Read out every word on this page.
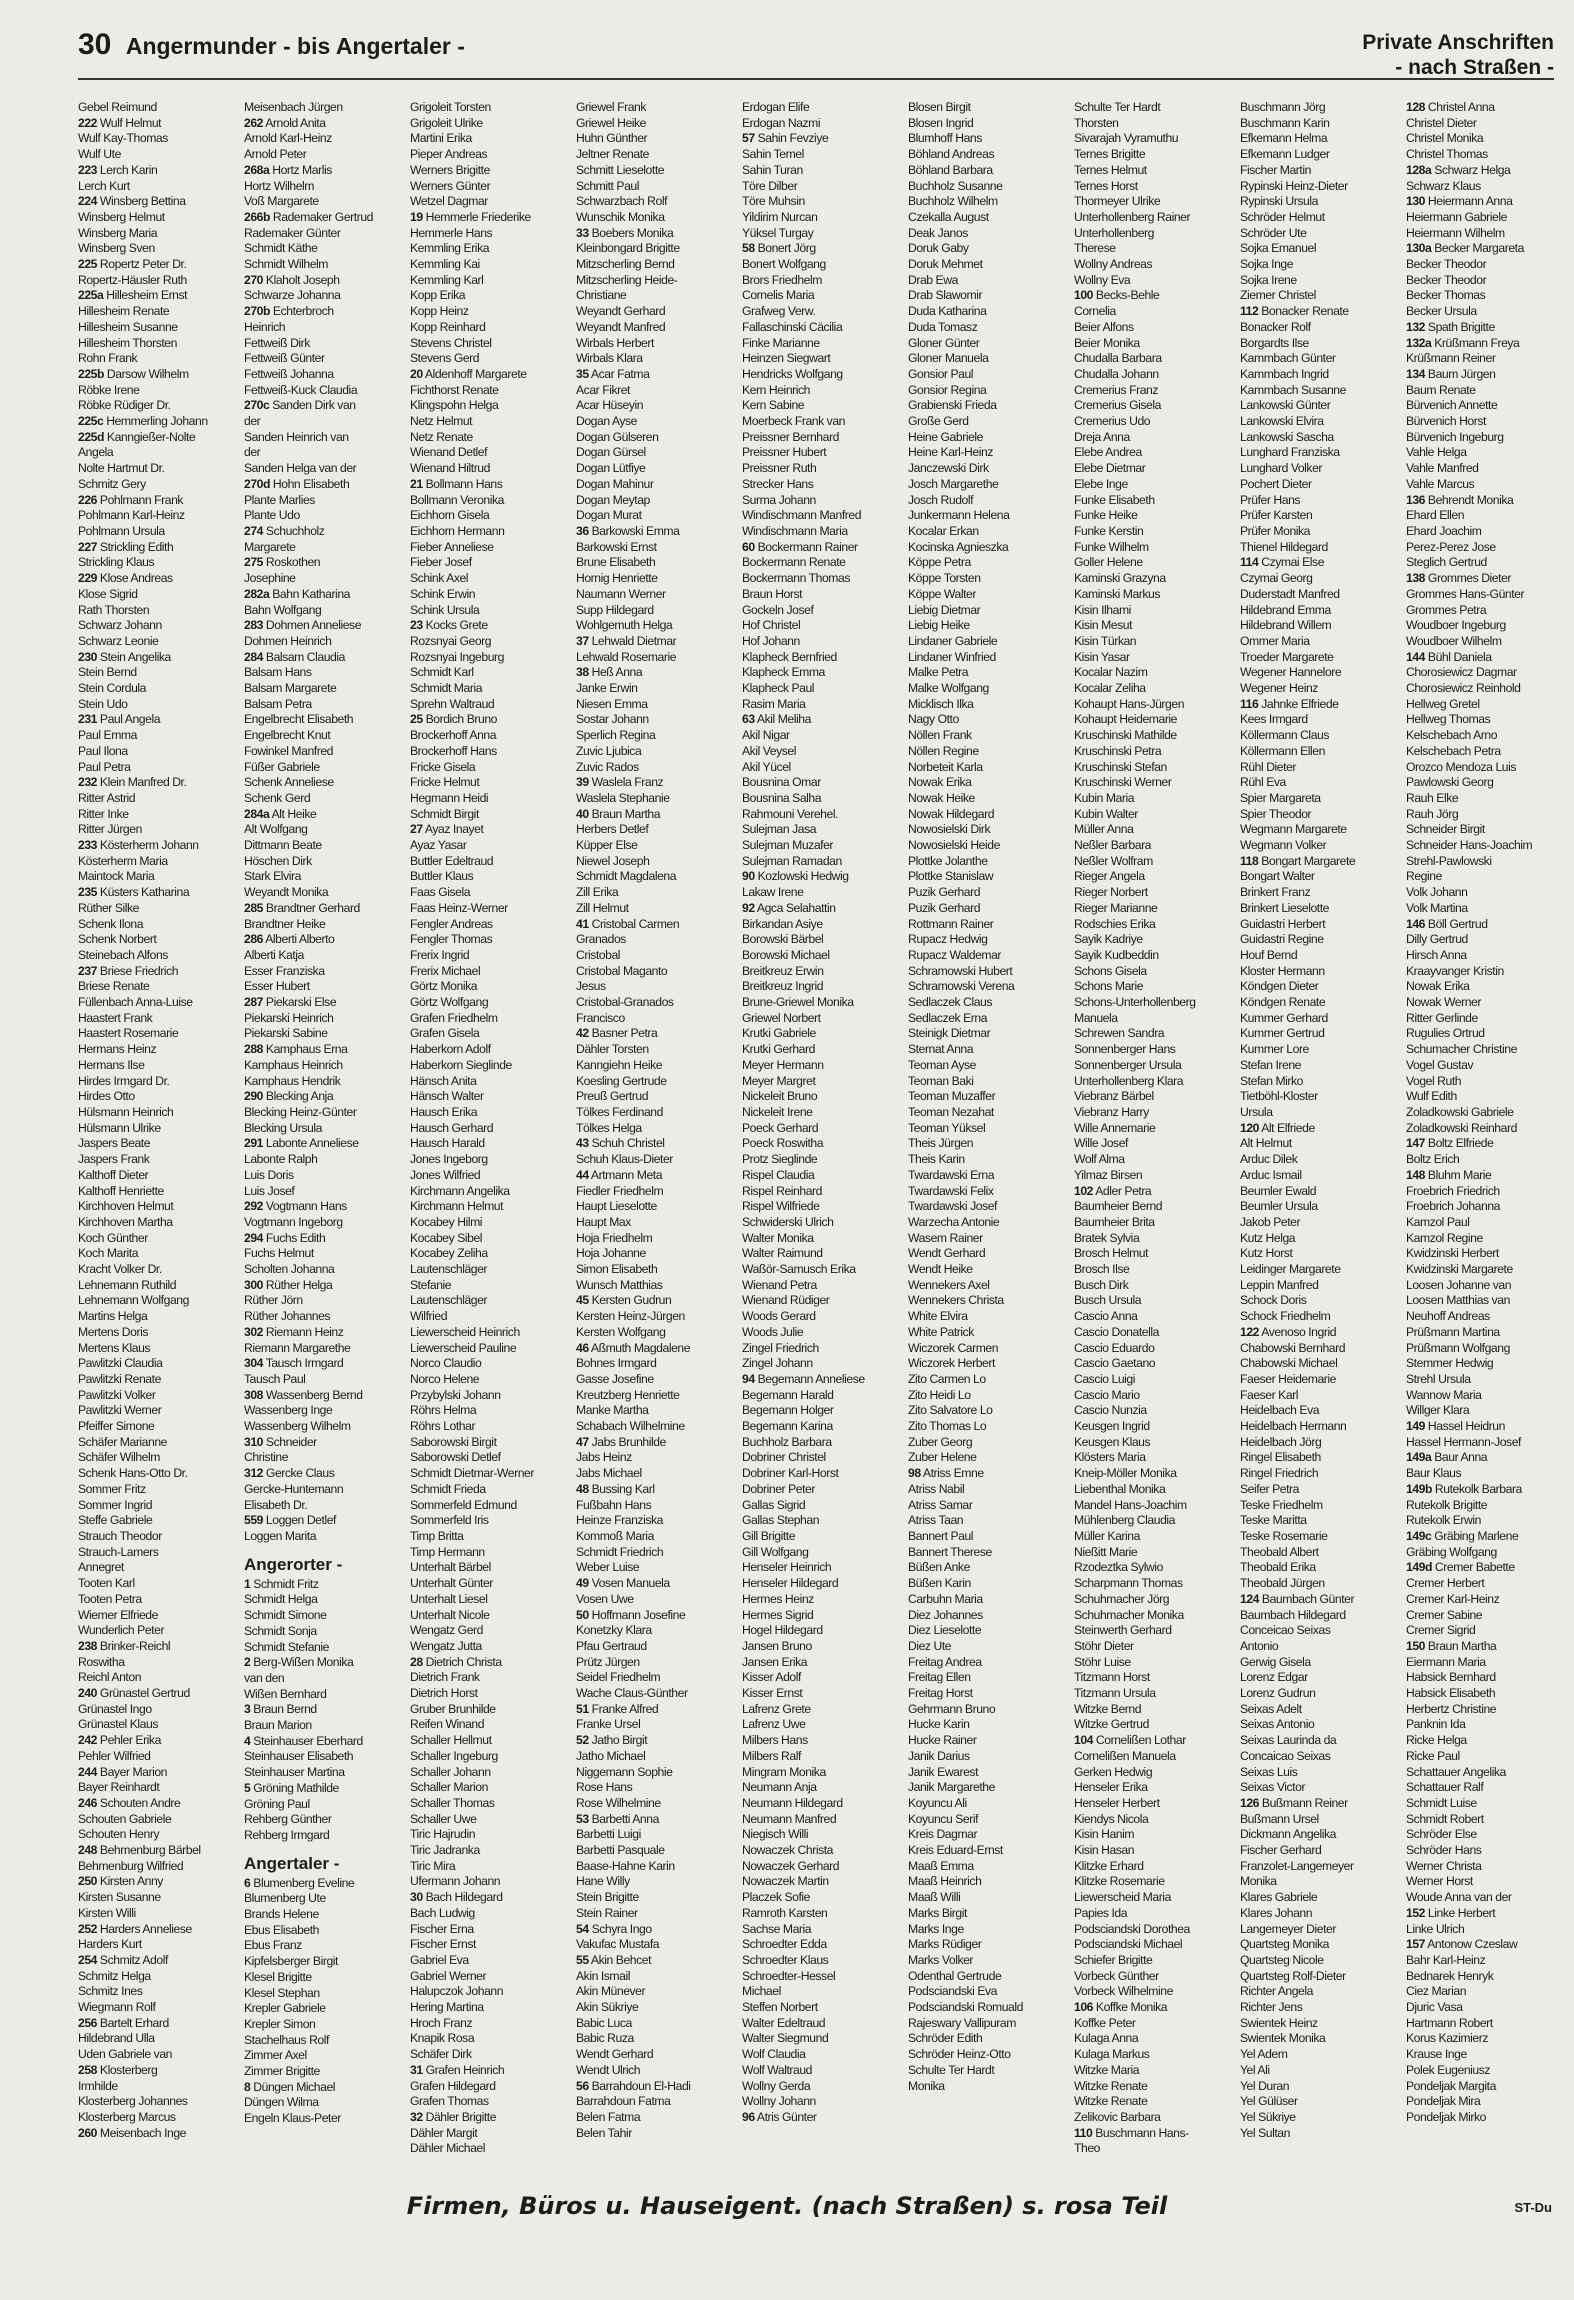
30 Angermunder - bis Angertaler -	Private Anschriften
- nach Straßen -
Gebel Reimund
222 Wulf Helmut
Wulf Kay-Thomas
Wulf Ute
223 Lerch Karin
Lerch Kurt
224 Winsberg Bettina
Winsberg Helmut
Winsberg Maria
Winsberg Sven
225 Ropertz Peter Dr.
Ropertz-Häusler Ruth
225a Hillesheim Ernst
Hillesheim Renate
Hillesheim Susanne
Hillesheim Thorsten
Rohn Frank
225b Darsow Wilhelm
Röbke Irene
Röbke Rüdiger Dr.
225c Hemmerling Johann
225d Kanngießer-Nolte
Angela
Nolte Hartmut Dr.
Schmitz Gery
226 Pohlmann Frank
Pohlmann Karl-Heinz
Pohlmann Ursula
227 Strickling Edith
Strickling Klaus
229 Klose Andreas
Klose Sigrid
Rath Thorsten
Schwarz Johann
Schwarz Leonie
230 Stein Angelika
Stein Bernd
Stein Cordula
Stein Udo
231 Paul Angela
Paul Emma
Paul Ilona
Paul Petra
232 Klein Manfred Dr.
Ritter Astrid
Ritter Inke
Ritter Jürgen
233 Kösterherm Johann
Kösterherm Maria
Maintock Maria
235 Küsters Katharina
Rüther Silke
Schenk Ilona
Schenk Norbert
Steinebach Alfons
237 Briese Friedrich
Briese Renate
Füllenbach Anna-Luise
Haastert Frank
Haastert Rosemarie
Hermans Heinz
Hermans Ilse
Hirdes Irmgard Dr.
Hirdes Otto
Hülsmann Heinrich
Hülsmann Ulrike
Jaspers Beate
Jaspers Frank
Kalthoff Dieter
Kalthoff Henriette
Kirchhoven Helmut
Kirchhoven Martha
Koch Günther
Koch Marita
Kracht Volker Dr.
Lehnemann Ruthild
Lehnemann Wolfgang
Martins Helga
Mertens Doris
Mertens Klaus
Pawlitzki Claudia
Pawlitzki Renate
Pawlitzki Volker
Pawlitzki Werner
Pfeiffer Simone
Schäfer Marianne
Schäfer Wilhelm
Schenk Hans-Otto Dr.
Sommer Fritz
Sommer Ingrid
Steffe Gabriele
Strauch Theodor
Strauch-Lamers
Annegret
Tooten Karl
Tooten Petra
Wiemer Elfriede
Wunderlich Peter
238 Brinker-Reichl
Roswitha
Reichl Anton
240 Grünastel Gertrud
Grünastel Ingo
Grünastel Klaus
242 Pehler Erika
Pehler Wilfried
244 Bayer Marion
Bayer Reinhardt
246 Schouten Andre
Schouten Gabriele
Schouten Henry
248 Behmenburg Bärbel
Behmenburg Wilfried
250 Kirsten Anny
Kirsten Susanne
Kirsten Willi
252 Harders Anneliese
Harders Kurt
254 Schmitz Adolf
Schmitz Helga
Schmitz Ines
Wiegmann Rolf
256 Bartelt Erhard
Hildebrand Ulla
Uden Gabriele van
258 Klosterberg
Irmhilde
Klosterberg Johannes
Klosterberg Marcus
260 Meisenbach Inge
Meisenbach Jürgen
262 Arnold Anita
Arnold Karl-Heinz
Arnold Peter
268a Hortz Marlis
Hortz Wilhelm
Voß Margarete
266b Rademaker Gertrud
Rademaker Günter
Schmidt Käthe
Schmidt Wilhelm
270 Klaholt Joseph
Schwarze Johanna
270b Echterbroch
Heinrich
Fettweiß Dirk
Fettweiß Günter
Fettweiß Johanna
Fettweiß-Kuck Claudia
270c Sanden Dirk van
der
Sanden Heinrich van
der
Sanden Helga van der
270d Hohn Elisabeth
Plante Marlies
Plante Udo
274 Schuchholz
Margarete
275 Roskothen
Josephine
282a Bahn Katharina
Bahn Wolfgang
283 Dohmen Anneliese
Dohmen Heinrich
284 Balsam Claudia
Balsam Hans
Balsam Margarete
Balsam Petra
Engelbrecht Elisabeth
Engelbrecht Knut
Fowinkel Manfred
Füßer Gabriele
Schenk Anneliese
Schenk Gerd
284a Alt Heike
Alt Wolfgang
Dittmann Beate
Höschen Dirk
Stark Elvira
Weyandt Monika
285 Brandtner Gerhard
Brandtner Heike
286 Alberti Alberto
Alberti Katja
Esser Franziska
Esser Hubert
287 Piekarski Else
Piekarski Heinrich
Piekarski Sabine
288 Kamphaus Erna
Kamphaus Heinrich
Kamphaus Hendrik
290 Blecking Anja
Blecking Heinz-Günter
Blecking Ursula
291 Labonte Anneliese
Labonte Ralph
Luis Doris
Luis Josef
292 Vogtmann Hans
Vogtmann Ingeborg
294 Fuchs Edith
Fuchs Helmut
Scholten Johanna
300 Rüther Helga
Rüther Jörn
Rüther Johannes
302 Riemann Heinz
Riemann Margarethe
304 Tausch Irmgard
Tausch Paul
308 Wassenberg Bernd
Wassenberg Inge
Wassenberg Wilhelm
310 Schneider
Christine
312 Gercke Claus
Gercke-Huntemann
Elisabeth Dr.
559 Loggen Detlef
Loggen Marita
Angerorter -
1 Schmidt Fritz
Schmidt Helga
Schmidt Simone
Schmidt Sonja
Schmidt Stefanie
2 Berg-Wißen Monika
van den
Wißen Bernhard
3 Braun Bernd
Braun Marion
4 Steinhauser Eberhard
Steinhauser Elisabeth
Steinhauser Martina
5 Gröning Mathilde
Gröning Paul
Rehberg Günther
Rehberg Irmgard
Angertaler -
6 Blumenberg Eveline
Blumenberg Ute
Brands Helene
Ebus Elisabeth
Ebus Franz
Kipfelsberger Birgit
Klesel Brigitte
Klesel Stephan
Krepler Gabriele
Krepler Simon
Stachelhaus Rolf
Zimmer Axel
Zimmer Brigitte
8 Düngen Michael
Düngen Wilma
Engeln Klaus-Peter
Grigoleit Torsten
Grigoleit Ulrike
Martini Erika
Pieper Andreas
Werners Brigitte
Werners Günter
Wetzel Dagmar
19 Hemmerle Friederike
Hemmerle Hans
Kemmling Erika
Kemmling Kai
Kemmling Karl
Kopp Erika
Kopp Heinz
Kopp Reinhard
Stevens Christel
Stevens Gerd
20 Aldenhoff Margarete
Fichthorst Renate
Klingspohn Helga
Netz Helmut
Netz Renate
Wienand Detlef
Wienand Hiltrud
21 Bollmann Hans
Bollmann Veronika
Eichhorn Gisela
Eichhorn Hermann
Fieber Anneliese
Fieber Josef
Schink Axel
Schink Erwin
Schink Ursula
23 Kocks Grete
Rozsnyai Georg
Rozsnyai Ingeburg
Schmidt Karl
Schmidt Maria
Sprehn Waltraud
25 Bordich Bruno
Brockerhoff Anna
Brockerhoff Hans
Fricke Gisela
Fricke Helmut
Hegmann Heidi
Schmidt Birgit
27 Ayaz Inayet
Ayaz Yasar
Buttler Edeltraud
Buttler Klaus
Faas Gisela
Faas Heinz-Werner
Fengler Andreas
Fengler Thomas
Frerix Ingrid
Frerix Michael
Görtz Monika
Görtz Wolfgang
Grafen Friedhelm
Grafen Gisela
Haberkorn Adolf
Haberkorn Sieglinde
Hänsch Anita
Hänsch Walter
Hausch Erika
Hausch Gerhard
Hausch Harald
Jones Ingeborg
Jones Wilfried
Kirchmann Angelika
Kirchmann Helmut
Kocabey Hilmi
Kocabey Sibel
Kocabey Zeliha
Lautenschläger
Stefanie
Lautenschläger
Wilfried
Liewerscheid Heinrich
Liewerscheid Pauline
Norco Claudio
Norco Helene
Przybylski Johann
Röhrs Helma
Röhrs Lothar
Saborowski Birgit
Saborowski Detlef
Schmidt Dietmar-Werner
Schmidt Frieda
Sommerfeld Edmund
Sommerfeld Iris
Timp Britta
Timp Hermann
Unterhalt Bärbel
Unterhalt Günter
Unterhalt Liesel
Unterhalt Nicole
Wengatz Gerd
Wengatz Jutta
28 Dietrich Christa
Dietrich Frank
Dietrich Horst
Gruber Brunhilde
Reifen Winand
Schaller Hellmut
Schaller Ingeburg
Schaller Johann
Schaller Marion
Schaller Thomas
Schaller Uwe
Tiric Hajrudin
Tiric Jadranka
Tiric Mira
Ufermann Johann
30 Bach Hildegard
Bach Ludwig
Fischer Erna
Fischer Ernst
Gabriel Eva
Gabriel Werner
Halupczok Johann
Hering Martina
Hroch Franz
Knapik Rosa
Schäfer Dirk
31 Grafen Heinrich
Grafen Hildegard
Grafen Thomas
32 Dähler Brigitte
Dähler Margit
Dähler Michael
Griewel Frank
Griewel Heike
Huhn Günther
Jeltner Renate
Schmitt Lieselotte
Schmitt Paul
Schwarzbach Rolf
Wunschik Monika
33 Boebers Monika
Kleinbongard Brigitte
Mitzscherling Bernd
Mitzscherling Heide-
Christiane
Weyandt Gerhard
Weyandt Manfred
Wirbals Herbert
Wirbals Klara
35 Acar Fatma
Acar Fikret
Acar Hüseyin
Dogan Ayse
Dogan Gülseren
Dogan Gürsel
Dogan Lütfiye
Dogan Mahinur
Dogan Meytap
Dogan Murat
36 Barkowski Emma
Barkowski Ernst
Brune Elisabeth
Hornig Henriette
Naumann Werner
Supp Hildegard
Wohlgemuth Helga
37 Lehwald Dietmar
Lehwald Rosemarie
38 Heß Anna
Janke Erwin
Niesen Emma
Sostar Johann
Sperlich Regina
Zuvic Ljubica
Zuvic Rados
39 Waslela Franz
Waslela Stephanie
40 Braun Martha
Herbers Detlef
Küpper Else
Niewel Joseph
Schmidt Magdalena
Zill Erika
Zill Helmut
41 Cristobal Carmen
Granados
Cristobal
Cristobal Maganto
Jesus
Cristobal-Granados
Francisco
42 Basner Petra
Dähler Torsten
Kanngiehn Heike
Koesling Gertrude
Preuß Gertrud
Tölkes Ferdinand
Tölkes Helga
43 Schuh Christel
Schuh Klaus-Dieter
44 Artmann Meta
Fiedler Friedhelm
Haupt Lieselotte
Haupt Max
Hoja Friedhelm
Hoja Johanne
Simon Elisabeth
Wunsch Matthias
45 Kersten Gudrun
Kersten Heinz-Jürgen
Kersten Wolfgang
46 Aßmuth Magdalene
Bohnes Irmgard
Gasse Josefine
Kreutzberg Henriette
Manke Martha
Schabach Wilhelmine
47 Jabs Brunhilde
Jabs Heinz
Jabs Michael
48 Bussing Karl
Fußbahn Hans
Heinze Franziska
Kommoß Maria
Schmidt Friedrich
Weber Luise
49 Vosen Manuela
Vosen Uwe
50 Hoffmann Josefine
Konetzky Klara
Pfau Gertraud
Prütz Jürgen
Seidel Friedhelm
Wache Claus-Günther
51 Franke Alfred
Franke Ursel
52 Jatho Birgit
Jatho Michael
Niggemann Sophie
Rose Hans
Rose Wilhelmine
53 Barbetti Anna
Barbetti Luigi
Barbetti Pasquale
Baase-Hahne Karin
Hane Willy
Stein Brigitte
Stein Rainer
54 Schyra Ingo
Vakufac Mustafa
55 Akin Behcet
Akin Ismail
Akin Münever
Akin Sükriye
Babic Luca
Babic Ruza
Wendt Gerhard
Wendt Ulrich
56 Barrahdoun El-Hadi
Barrahdoun Fatma
Belen Fatma
Belen Tahir
Erdogan Elife
Erdogan Nazmi
57 Sahin Fevziye
Sahin Temel
Sahin Turan
Töre Dilber
Töre Muhsin
Yildirim Nurcan
Yüksel Turgay
58 Bonert Jörg
Bonert Wolfgang
Brors Friedhelm
Cornelis Maria
Grafweg Verw.
Fallaschinski Cäcilia
Finke Marianne
Heinzen Siegwart
Hendricks Wolfgang
Kern Heinrich
Kern Sabine
Moerbeck Frank van
Preissner Bernhard
Preissner Hubert
Preissner Ruth
Strecker Hans
Surma Johann
Windischmann Manfred
Windischmann Maria
60 Bockermann Rainer
Bockermann Renate
Bockermann Thomas
Braun Horst
Gockeln Josef
Hof Christel
Hof Johann
Klapheck Bernfried
Klapheck Emma
Klapheck Paul
Rasim Maria
63 Akil Meliha
Akil Nigar
Akil Veysel
Akil Yücel
Bousnina Omar
Bousnina Salha
Rahmouni Verehel.
Sulejman Jasa
Sulejman Muzafer
Sulejman Ramadan
90 Kozlowski Hedwig
Lakaw Irene
92 Agca Selahattin
Birkandan Asiye
Borowski Bärbel
Borowski Michael
Breitkreuz Erwin
Breitkreuz Ingrid
Brune-Griewel Monika
Griewel Norbert
Krutki Gabriele
Krutki Gerhard
Meyer Hermann
Meyer Margret
Nickeleit Bruno
Nickeleit Irene
Poeck Gerhard
Poeck Roswitha
Protz Sieglinde
Rispel Claudia
Rispel Reinhard
Rispel Wilfriede
Schwiderski Ulrich
Walter Monika
Walter Raimund
Waßör-Samusch Erika
Wienand Petra
Wienand Rüdiger
Woods Gerard
Woods Julie
Zingel Friedrich
Zingel Johann
94 Begemann Anneliese
Begemann Harald
Begemann Holger
Begemann Karina
Buchholz Barbara
Dobriner Christel
Dobriner Karl-Horst
Dobriner Peter
Gallas Sigrid
Gallas Stephan
Gill Brigitte
Gill Wolfgang
Henseler Heinrich
Henseler Hildegard
Hermes Heinz
Hermes Sigrid
Hogel Hildegard
Jansen Bruno
Jansen Erika
Kisser Adolf
Kisser Ernst
Lafrenz Grete
Lafrenz Uwe
Milbers Hans
Milbers Ralf
Mingram Monika
Neumann Anja
Neumann Hildegard
Neumann Manfred
Niegisch Willi
Nowaczek Christa
Nowaczek Gerhard
Nowaczek Martin
Placzek Sofie
Ramroth Karsten
Sachse Maria
Schroedter Edda
Schroedter Klaus
Schroedter-Hessel
Michael
Steffen Norbert
Walter Edeltraud
Walter Siegmund
Wolf Claudia
Wolf Waltraud
Wollny Gerda
Wollny Johann
96 Atris Günter
Blosen Birgit
Blosen Ingrid
Blumhoff Hans
Böhland Andreas
Böhland Barbara
Buchholz Susanne
Buchholz Wilhelm
Czekalla August
Deak Janos
Doruk Gaby
Doruk Mehmet
Drab Ewa
Drab Slawomir
Duda Katharina
Duda Tomasz
Gloner Günter
Gloner Manuela
Gonsior Paul
Gonsior Regina
Grabienski Frieda
Große Gerd
Heine Gabriele
Heine Karl-Heinz
Janczewski Dirk
Josch Margarethe
Josch Rudolf
Junkermann Helena
Kocalar Erkan
Kocinska Agnieszka
Köppe Petra
Köppe Torsten
Köppe Walter
Liebig Dietmar
Liebig Heike
Lindaner Gabriele
Lindaner Winfried
Malke Petra
Malke Wolfgang
Micklisch Ilka
Nagy Otto
Nöllen Frank
Nöllen Regine
Norbeteit Karla
Nowak Erika
Nowak Heike
Nowak Hildegard
Nowosielski Dirk
Nowosielski Heide
Plottke Jolanthe
Plottke Stanislaw
Puzik Gerhard
Puzik Gerhard
Rottmann Rainer
Rupacz Hedwig
Rupacz Waldemar
Schramowski Hubert
Schramowski Verena
Sedlaczek Claus
Sedlaczek Erna
Steinigk Dietmar
Sternat Anna
Teoman Ayse
Teoman Baki
Teoman Muzaffer
Teoman Nezahat
Teoman Yüksel
Theis Jürgen
Theis Karin
Twardawski Erna
Twardawski Felix
Twardawski Josef
Warzecha Antonie
Wasem Rainer
Wendt Gerhard
Wendt Heike
Wennekers Axel
Wennekers Christa
White Elvira
White Patrick
Wiczorek Carmen
Wiczorek Herbert
Zito Carmen Lo
Zito Heidi Lo
Zito Salvatore Lo
Zito Thomas Lo
Zuber Georg
Zuber Helene
98 Atriss Emne
Atriss Nabil
Atriss Samar
Atriss Taan
Bannert Paul
Bannert Therese
Büßen Anke
Büßen Karin
Carbuhn Maria
Diez Johannes
Diez Lieselotte
Diez Ute
Freitag Andrea
Freitag Ellen
Freitag Horst
Gehrmann Bruno
Hucke Karin
Hucke Rainer
Janik Darius
Janik Ewarest
Janik Margarethe
Koyuncu Ali
Koyuncu Serif
Kreis Dagmar
Kreis Eduard-Ernst
Maaß Emma
Maaß Heinrich
Maaß Willi
Marks Birgit
Marks Inge
Marks Rüdiger
Marks Volker
Odenthal Gertrude
Podsciandski Eva
Podsciandski Romuald
Rajeswary Vallipuram
Schröder Edith
Schröder Heinz-Otto
Schulte Ter Hardt
Monika
Schulte Ter Hardt
Thorsten
Sivarajah Vyramuthu
Ternes Brigitte
Ternes Helmut
Ternes Horst
Thormeyer Ulrike
Unterhollenberg Rainer
Unterhollenberg
Therese
Wollny Andreas
Wollny Eva
100 Becks-Behle
Cornelia
Beier Alfons
Beier Monika
Chudalla Barbara
Chudalla Johann
Cremerius Franz
Cremerius Gisela
Cremerius Udo
Dreja Anna
Elebe Andrea
Elebe Dietmar
Elebe Inge
Funke Elisabeth
Funke Heike
Funke Kerstin
Funke Wilhelm
Goller Helene
Kaminski Grazyna
Kaminski Markus
Kisin Ilhami
Kisin Mesut
Kisin Türkan
Kisin Yasar
Kocalar Nazim
Kocalar Zeliha
Kohaupt Hans-Jürgen
Kohaupt Heidemarie
Kruschinski Mathilde
Kruschinski Petra
Kruschinski Stefan
Kruschinski Werner
Kubin Maria
Kubin Walter
Müller Anna
Neßler Barbara
Neßler Wolfram
Rieger Angela
Rieger Norbert
Rieger Marianne
Rodschies Erika
Sayik Kadriye
Sayik Kudbeddin
Schons Gisela
Schons Marie
Schons-Unterhollenberg
Manuela
Schrewen Sandra
Sonnenberger Hans
Sonnenberger Ursula
Unterhollenberg Klara
Viebranz Bärbel
Viebranz Harry
Wille Annemarie
Wille Josef
Wolf Alma
Yilmaz Birsen
102 Adler Petra
Baumheier Bernd
Baumheier Brita
Bratek Sylvia
Brosch Helmut
Brosch Ilse
Busch Dirk
Busch Ursula
Cascio Anna
Cascio Donatella
Cascio Eduardo
Cascio Gaetano
Cascio Luigi
Cascio Mario
Cascio Nunzia
Keusgen Ingrid
Keusgen Klaus
Klösters Maria
Kneip-Möller Monika
Liebenthal Monika
Mandel Hans-Joachim
Mühlenberg Claudia
Müller Karina
Nießitt Marie
Rzodeztka Sylwio
Scharpmann Thomas
Schuhmacher Jörg
Schuhmacher Monika
Steinwerth Gerhard
Stöhr Dieter
Stöhr Luise
Titzmann Horst
Titzmann Ursula
Witzke Bernd
Witzke Gertrud
104 Cornelißen Lothar
Cornelißen Manuela
Gerken Hedwig
Henseler Erika
Henseler Herbert
Kiendys Nicola
Kisin Hanim
Kisin Hasan
Klitzke Erhard
Klitzke Rosemarie
Liewerscheid Maria
Papies Ida
Podsciandski Dorothea
Podsciandski Michael
Schiefer Brigitte
Vorbeck Günther
Vorbeck Wilhelmine
106 Koffke Monika
Koffke Peter
Kulaga Anna
Kulaga Markus
Witzke Maria
Witzke Renate
Witzke Renate
Zelikovic Barbara
110 Buschmann Hans-
Theo
Buschmann Jörg
Buschmann Karin
Efkemann Helma
Efkemann Ludger
Fischer Martin
Rypinski Heinz-Dieter
Rypinski Ursula
Schröder Helmut
Schröder Ute
Sojka Emanuel
Sojka Inge
Sojka Irene
Ziemer Christel
112 Bonacker Renate
Bonacker Rolf
Borgardts Ilse
Kammbach Günter
Kammbach Ingrid
Kammbach Susanne
Lankowski Günter
Lankowski Elvira
Lankowski Sascha
Lunghard Franziska
Lunghard Volker
Pochert Dieter
Prüfer Hans
Prüfer Karsten
Prüfer Monika
Thienel Hildegard
114 Czymai Else
Czymai Georg
Duderstadt Manfred
Hildebrand Emma
Hildebrand Willem
Ommer Maria
Troeder Margarete
Wegener Hannelore
Wegener Heinz
116 Jahnke Elfriede
Kees Irmgard
Köllermann Claus
Köllermann Ellen
Rühl Dieter
Rühl Eva
Spier Margareta
Spier Theodor
Wegmann Margarete
Wegmann Volker
118 Bongart Margarete
Bongart Walter
Brinkert Franz
Brinkert Lieselotte
Guidastri Herbert
Guidastri Regine
Houf Bernd
Kloster Hermann
Köndgen Dieter
Köndgen Renate
Kummer Gerhard
Kummer Gertrud
Kummer Lore
Stefan Irene
Stefan Mirko
Tietböhl-Kloster
Ursula
120 Alt Elfriede
Alt Helmut
Arduc Dilek
Arduc Ismail
Beumler Ewald
Beumler Ursula
Jakob Peter
Kutz Helga
Kutz Horst
Leidinger Margarete
Leppin Manfred
Schock Doris
Schock Friedhelm
122 Avenoso Ingrid
Chabowski Bernhard
Chabowski Michael
Faeser Heidemarie
Faeser Karl
Heidelbach Eva
Heidelbach Hermann
Heidelbach Jörg
Ringel Elisabeth
Ringel Friedrich
Seifer Petra
Teske Friedhelm
Teske Maritta
Teske Rosemarie
Theobald Albert
Theobald Erika
Theobald Jürgen
124 Baumbach Günter
Baumbach Hildegard
Conceicao Seixas
Antonio
Gerwig Gisela
Lorenz Edgar
Lorenz Gudrun
Seixas Adelt
Seixas Antonio
Seixas Laurinda da
Concaicao Seixas
Seixas Luis
Seixas Victor
126 Bußmann Reiner
Bußmann Ursel
Dickmann Angelika
Fischer Gerhard
Franzolet-Langemeyer
Monika
Klares Gabriele
Klares Johann
Langemeyer Dieter
Quartsteg Monika
Quartsteg Nicole
Quartsteg Rolf-Dieter
Richter Angela
Richter Jens
Swientek Heinz
Swientek Monika
Yel Adem
Yel Ali
Yel Duran
Yel Gülüser
Yel Sükriye
Yel Sultan
128 Christel Anna
Christel Dieter
Christel Monika
Christel Thomas
128a Schwarz Helga
Schwarz Klaus
130 Heiermann Anna
Heiermann Gabriele
Heiermann Wilhelm
130a Becker Margareta
Becker Theodor
Becker Theodor
Becker Thomas
Becker Ursula
132 Spath Brigitte
132a Krüßmann Freya
Krüßmann Reiner
134 Baum Jürgen
Baum Renate
Bürvenich Annette
Bürvenich Horst
Bürvenich Ingeburg
Vahle Helga
Vahle Manfred
Vahle Marcus
136 Behrendt Monika
Ehard Ellen
Ehard Joachim
Perez-Perez Jose
Steglich Gertrud
138 Grommes Dieter
Grommes Hans-Günter
Grommes Petra
Woudboer Ingeburg
Woudboer Wilhelm
144 Bühl Daniela
Chorosiewicz Dagmar
Chorosiewicz Reinhold
Hellweg Gretel
Hellweg Thomas
Kelschebach Arno
Kelschebach Petra
Orozco Mendoza Luis
Pawlowski Georg
Rauh Elke
Rauh Jörg
Schneider Birgit
Schneider Hans-Joachim
Strehl-Pawlowski
Regine
Volk Johann
Volk Martina
146 Böll Gertrud
Dilly Gertrud
Hirsch Anna
Kraayvanger Kristin
Nowak Erika
Nowak Werner
Ritter Gerlinde
Rugulies Ortrud
Schumacher Christine
Vogel Gustav
Vogel Ruth
Wulf Edith
Zoladkowski Gabriele
Zoladkowski Reinhard
147 Boltz Elfriede
Boltz Erich
148 Bluhm Marie
Froebrich Friedrich
Froebrich Johanna
Kamzol Paul
Kamzol Regine
Kwidzinski Herbert
Kwidzinski Margarete
Loosen Johanne van
Loosen Matthias van
Neuhoff Andreas
Prüßmann Martina
Prüßmann Wolfgang
Stemmer Hedwig
Strehl Ursula
Wannow Maria
Willger Klara
149 Hassel Heidrun
Hassel Hermann-Josef
149a Baur Anna
Baur Klaus
149b Rutekolk Barbara
Rutekolk Brigitte
Rutekolk Erwin
149c Gräbing Marlene
Gräbing Wolfgang
149d Cremer Babette
Cremer Herbert
Cremer Karl-Heinz
Cremer Sabine
Cremer Sigrid
150 Braun Martha
Eiermann Maria
Habsick Bernhard
Habsick Elisabeth
Herbertz Christine
Panknin Ida
Ricke Helga
Ricke Paul
Schattauer Angelika
Schattauer Ralf
Schmidt Luise
Schmidt Robert
Schröder Else
Schröder Hans
Werner Christa
Werner Horst
Woude Anna van der
152 Linke Herbert
Linke Ulrich
157 Antonow Czeslaw
Bahr Karl-Heinz
Bednarek Henryk
Ciez Marian
Djuric Vasa
Hartmann Robert
Korus Kazimierz
Krause Inge
Polek Eugeniusz
Pondeljak Margita
Pondeljak Mira
Pondeljak Mirko
Firmen, Büros u. Hauseigent. (nach Straßen) s. rosa Teil	ST-Du
